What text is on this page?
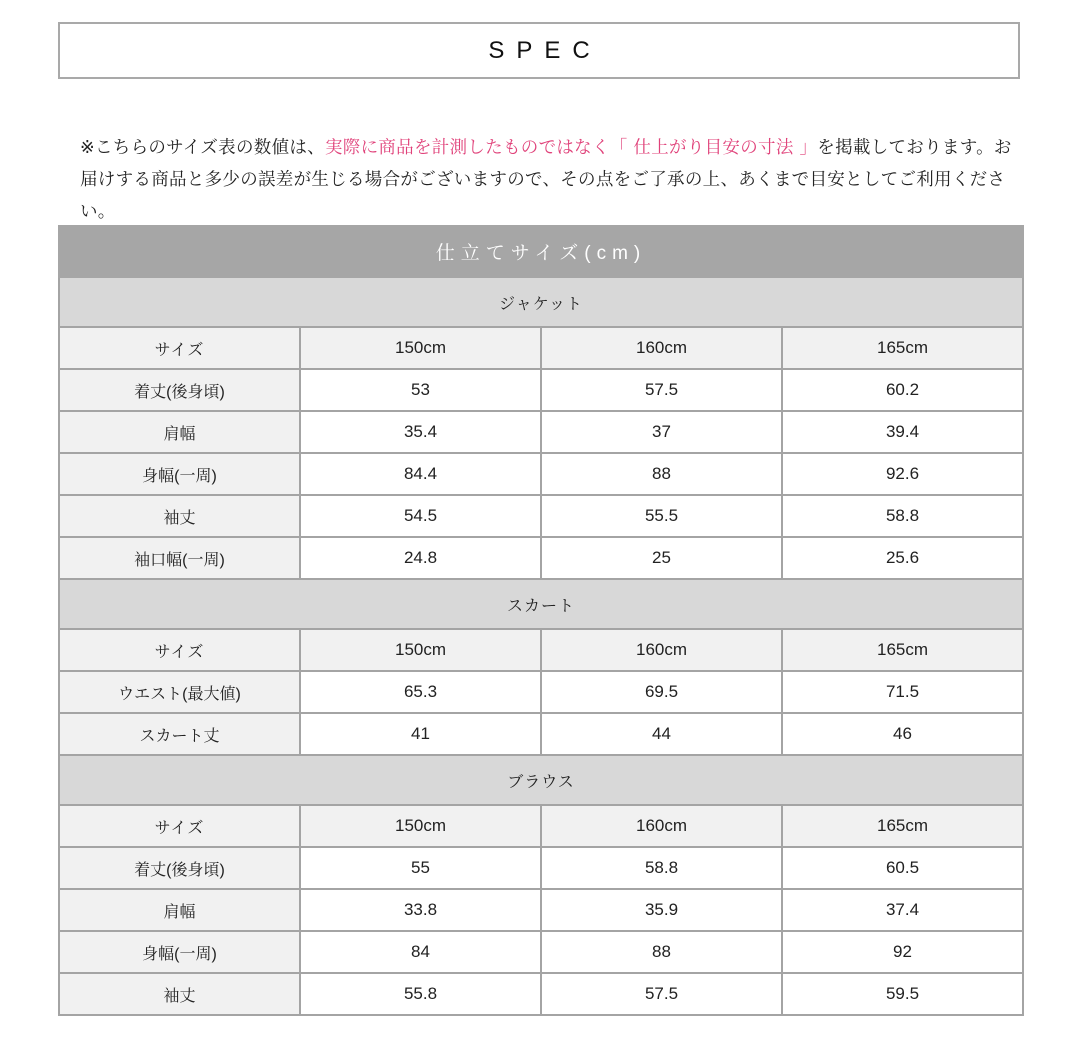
SPEC

※こちらのサイズ表の数値は、実際に商品を計測したものではなく「 仕上がり目安の寸法 」を掲載しております。お届けする商品と多少の誤差が生じる場合がございますので、その点をご了承の上、あくまで目安としてご利用ください。

仕立てサイズ(cm)			
ジャケット			
サイズ	150cm	160cm	165cm
着丈(後身頃)	53	57.5	60.2
肩幅	35.4	37	39.4
身幅(一周)	84.4	88	92.6
袖丈	54.5	55.5	58.8
袖口幅(一周)	24.8	25	25.6
スカート			
サイズ	150cm	160cm	165cm
ウエスト(最大値)	65.3	69.5	71.5
スカート丈	41	44	46
ブラウス			
サイズ	150cm	160cm	165cm
着丈(後身頃)	55	58.8	60.5
肩幅	33.8	35.9	37.4
身幅(一周)	84	88	92
袖丈	55.8	57.5	59.5
